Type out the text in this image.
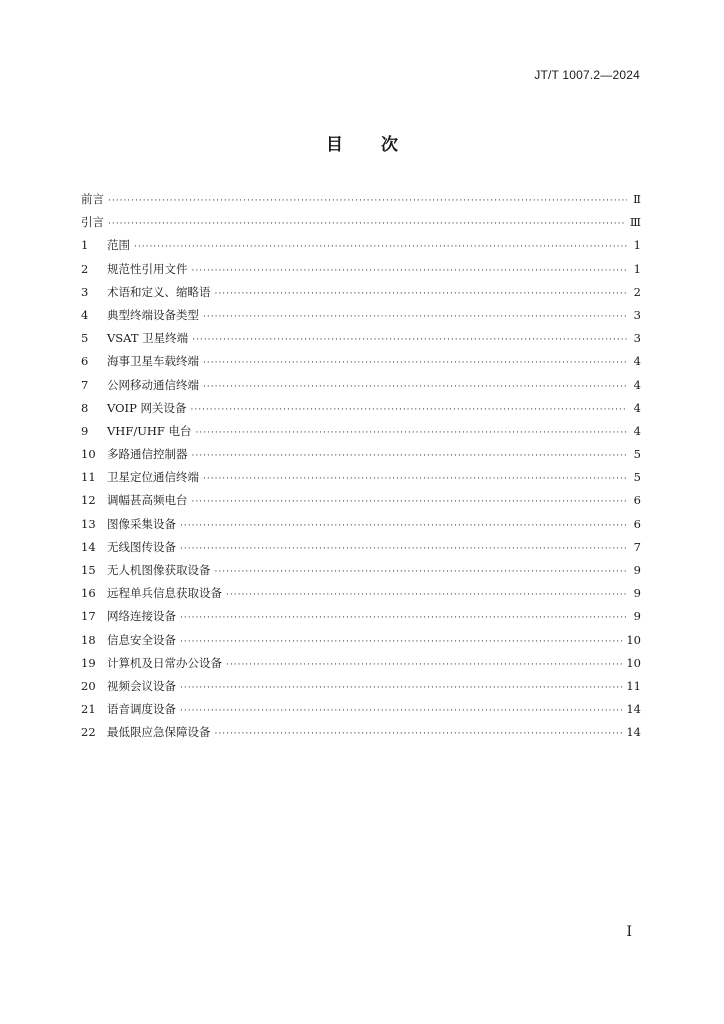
JT/T 1007.2—2024
目 次
前言 ·····	Ⅱ
引言 ·····	Ⅲ
1	范围 ·····	1
2	规范性引用文件 ·····	1
3	术语和定义、缩略语 ·····	2
4	典型终端设备类型 ·····	3
5	VSAT 卫星终端 ·····	3
6	海事卫星车载终端 ·····	4
7	公网移动通信终端 ·····	4
8	VOIP 网关设备 ·····	4
9	VHF/UHF 电台 ·····	4
10 多路通信控制器 ·····	5
11 卫星定位通信终端 ·····	5
12 调幅甚高频电台 ·····	6
13 图像采集设备 ·····	6
14 无线图传设备 ·····	7
15 无人机图像获取设备 ·····	9
16 远程单兵信息获取设备 ·····	9
17 网络连接设备 ·····	9
18 信息安全设备 ·····	10
19 计算机及日常办公设备 ·····	10
20 视频会议设备 ·····	11
21 语音调度设备 ·····	14
22 最低限应急保障设备 ·····	14
I
